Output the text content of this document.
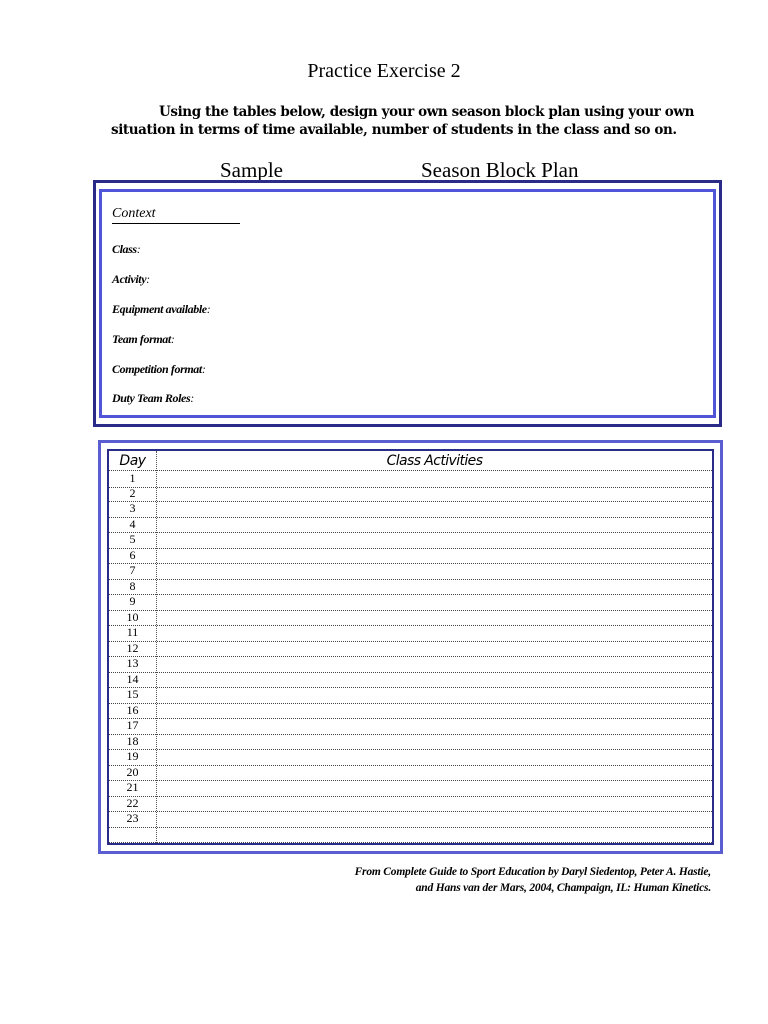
Practice Exercise 2
Using the tables below, design your own season block plan using your own situation in terms of time available, number of students in the class and so on.
Sample	Season Block Plan
Context
Class:
Activity:
Equipment available:
Team format:
Competition format:
Duty Team Roles:
Day	Class Activities
1
2
3
4
5
6
7
8
9
10
11
12
13
14
15
16
17
18
19
20
21
22
23
From Complete Guide to Sport Education by Daryl Siedentop, Peter A. Hastie,
and Hans van der Mars, 2004, Champaign, IL: Human Kinetics.
